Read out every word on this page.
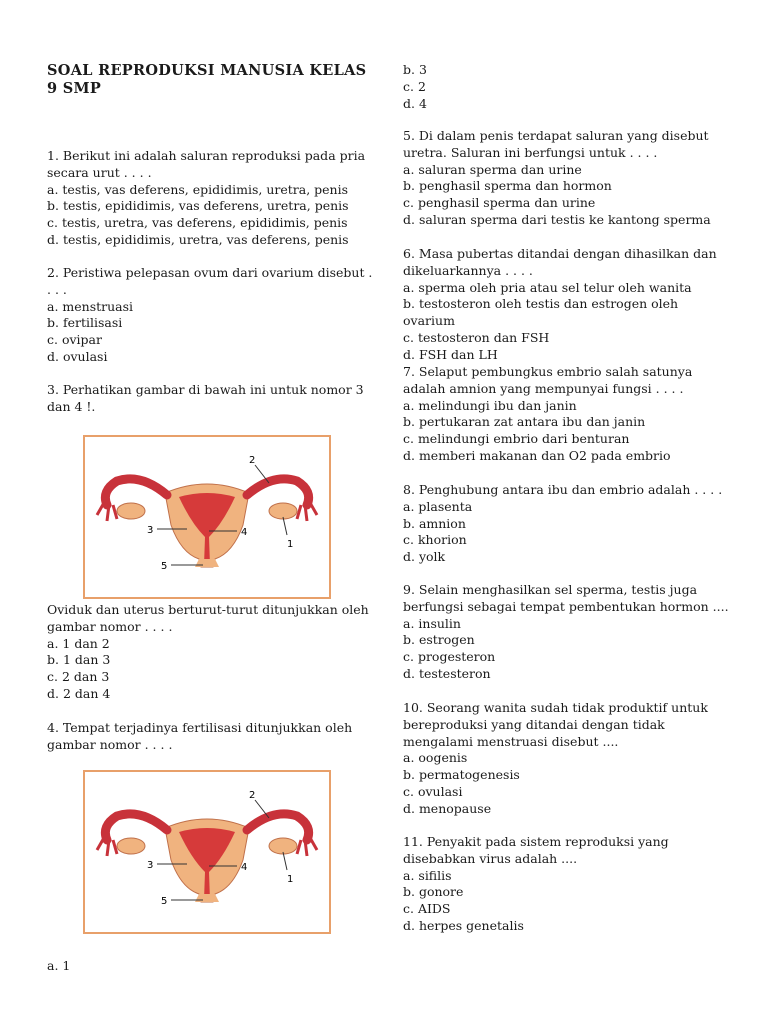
SOAL REPRODUKSI MANUSIA KELAS 9 SMP

1. Berikut ini adalah saluran reproduksi pada pria secara urut . . . .

a. testis, vas deferens, epididimis, uretra, penis

b. testis, epididimis, vas deferens, uretra, penis

c. testis, uretra, vas deferens, epididimis, penis

d. testis, epididimis, uretra, vas deferens, penis

2. Peristiwa pelepasan ovum dari ovarium disebut . . . .

a. menstruasi

b. fertilisasi

c. ovipar

d. ovulasi

3. Perhatikan gambar di bawah ini untuk nomor 3 dan 4 !.

2
1
3	4
5

Oviduk dan uterus berturut-turut ditunjukkan oleh gambar nomor . . . .

a. 1 dan 2

b. 1 dan 3

c. 2 dan 3

d. 2 dan 4

4. Tempat terjadinya fertilisasi ditunjukkan oleh gambar nomor . . . .

2
1
3	4
5

a. 1

b. 3

c. 2

d. 4

5. Di dalam penis terdapat saluran yang disebut uretra. Saluran ini berfungsi untuk . . . .

a. saluran sperma dan urine

b. penghasil sperma dan hormon

c. penghasil sperma dan urine

d. saluran sperma dari testis ke kantong sperma

6. Masa pubertas ditandai dengan dihasilkan dan dikeluarkannya . . . .

a. sperma oleh pria atau sel telur oleh wanita

b. testosteron oleh testis dan estrogen oleh ovarium

c. testosteron dan FSH

d. FSH dan LH

7. Selaput pembungkus embrio salah satunya adalah amnion yang mempunyai fungsi . . . .

a. melindungi ibu dan janin

b. pertukaran zat antara ibu dan janin

c. melindungi embrio dari benturan

d. memberi makanan dan O2 pada embrio

8. Penghubung antara ibu dan embrio adalah . . . .

a. plasenta

b. amnion

c. khorion

d. yolk

9. Selain menghasilkan sel sperma, testis juga berfungsi sebagai tempat pembentukan hormon ....

a. insulin

b. estrogen

c. progesteron

d. testesteron

10. Seorang wanita sudah tidak produktif untuk bereproduksi yang ditandai dengan tidak mengalami menstruasi disebut ....

a. oogenis

b. permatogenesis

c. ovulasi

d. menopause

11. Penyakit pada sistem reproduksi yang disebabkan virus adalah ....

a. sifilis

b. gonore

c. AIDS

d. herpes genetalis
